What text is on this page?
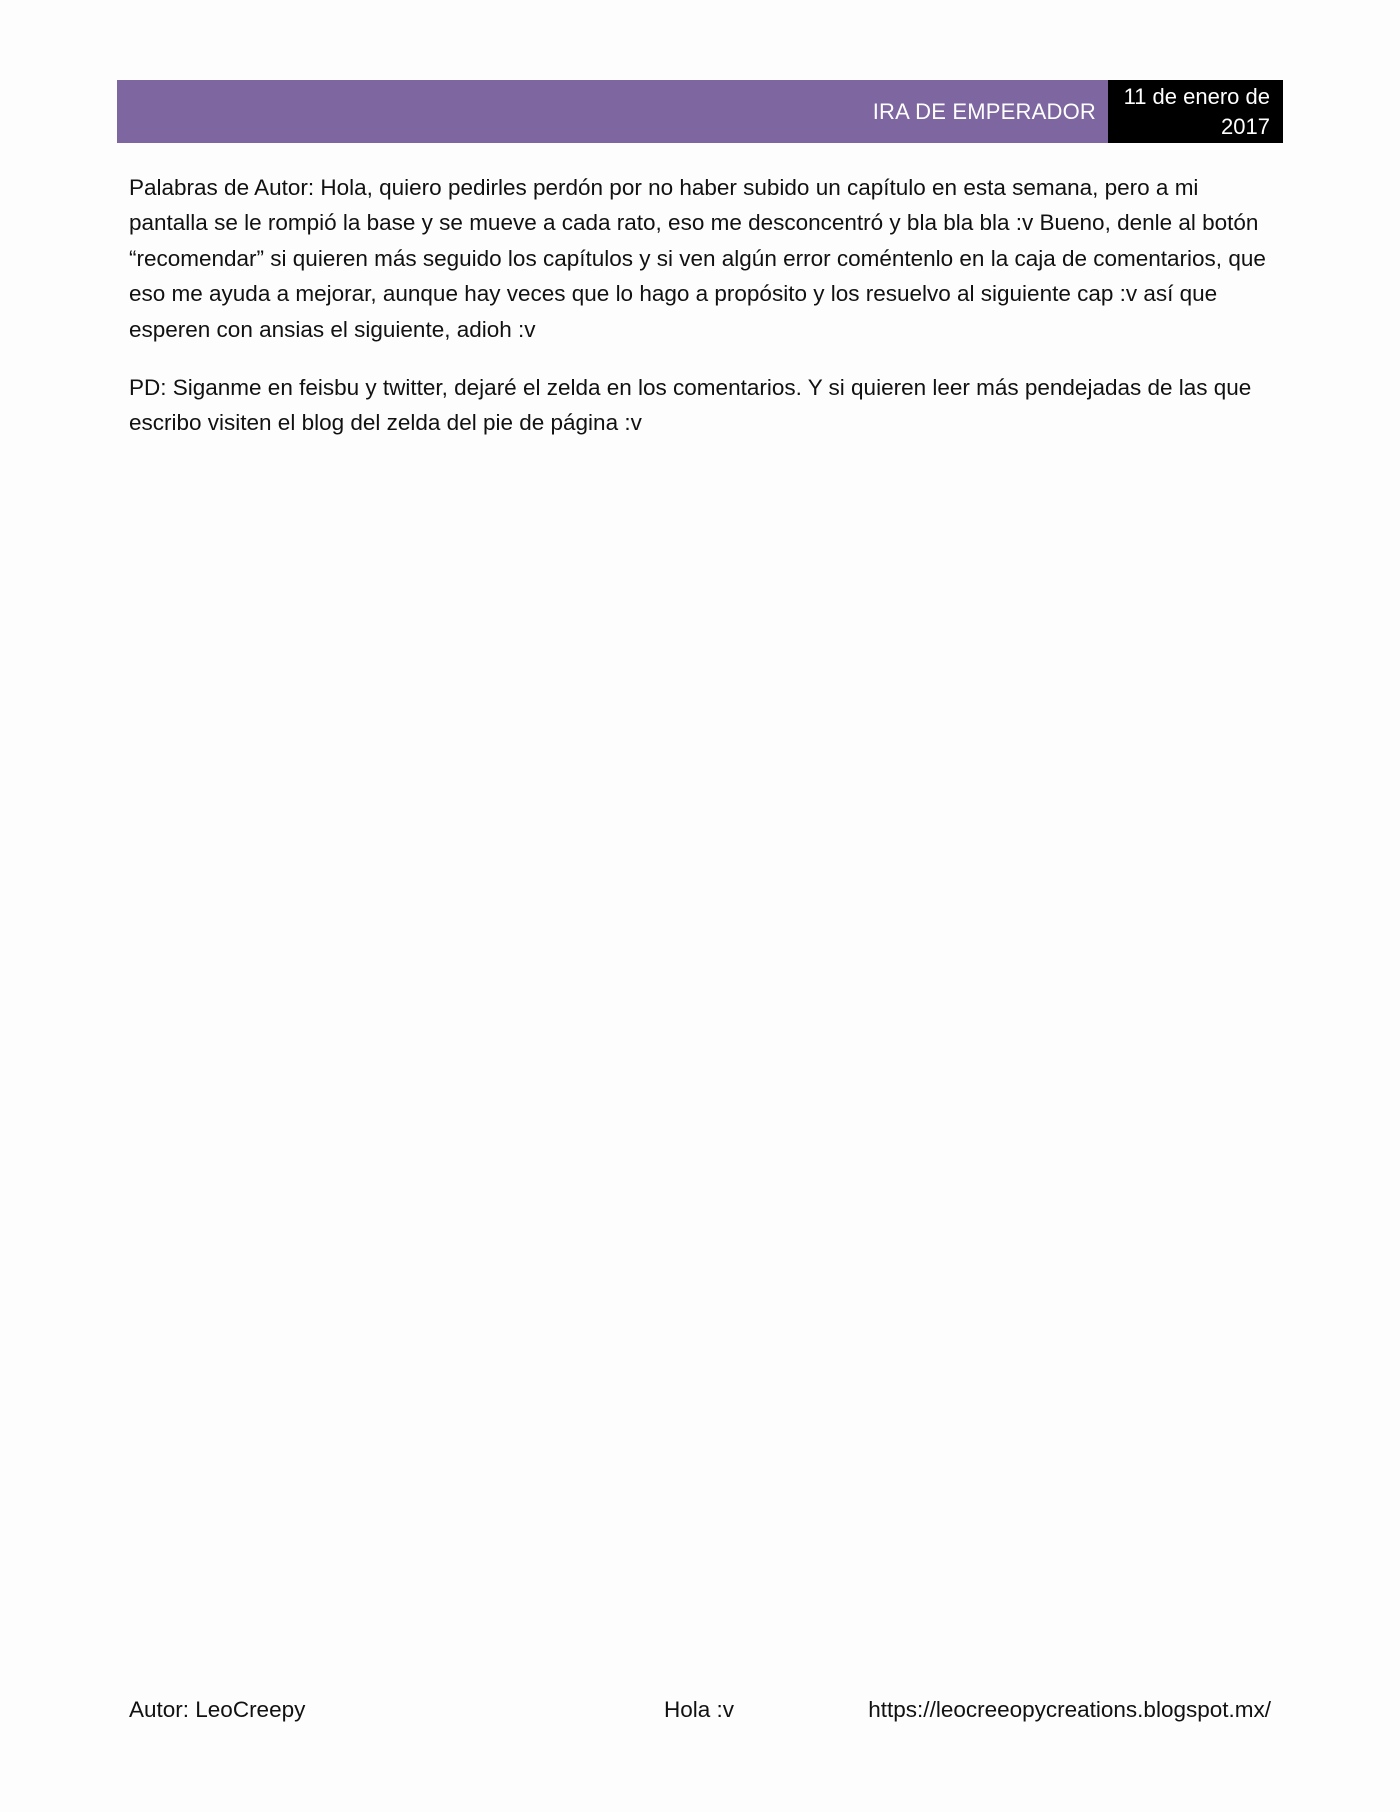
IRA DE EMPERADOR
11 de enero de 2017

Palabras de Autor: Hola, quiero pedirles perdón por no haber subido un capítulo en esta semana, pero a mi pantalla se le rompió la base y se mueve a cada rato, eso me desconcentró y bla bla bla :v Bueno, denle al botón “recomendar” si quieren más seguido los capítulos y si ven algún error coméntenlo en la caja de comentarios, que eso me ayuda a mejorar, aunque hay veces que lo hago a propósito y los resuelvo al siguiente cap :v así que esperen con ansias el siguiente, adioh :v

PD: Siganme en feisbu y twitter, dejaré el zelda en los comentarios. Y si quieren leer más pendejadas de las que escribo visiten el blog del zelda del pie de página :v

Autor: LeoCreepy	Hola :v	https://leocreeopycreations.blogspot.mx/
